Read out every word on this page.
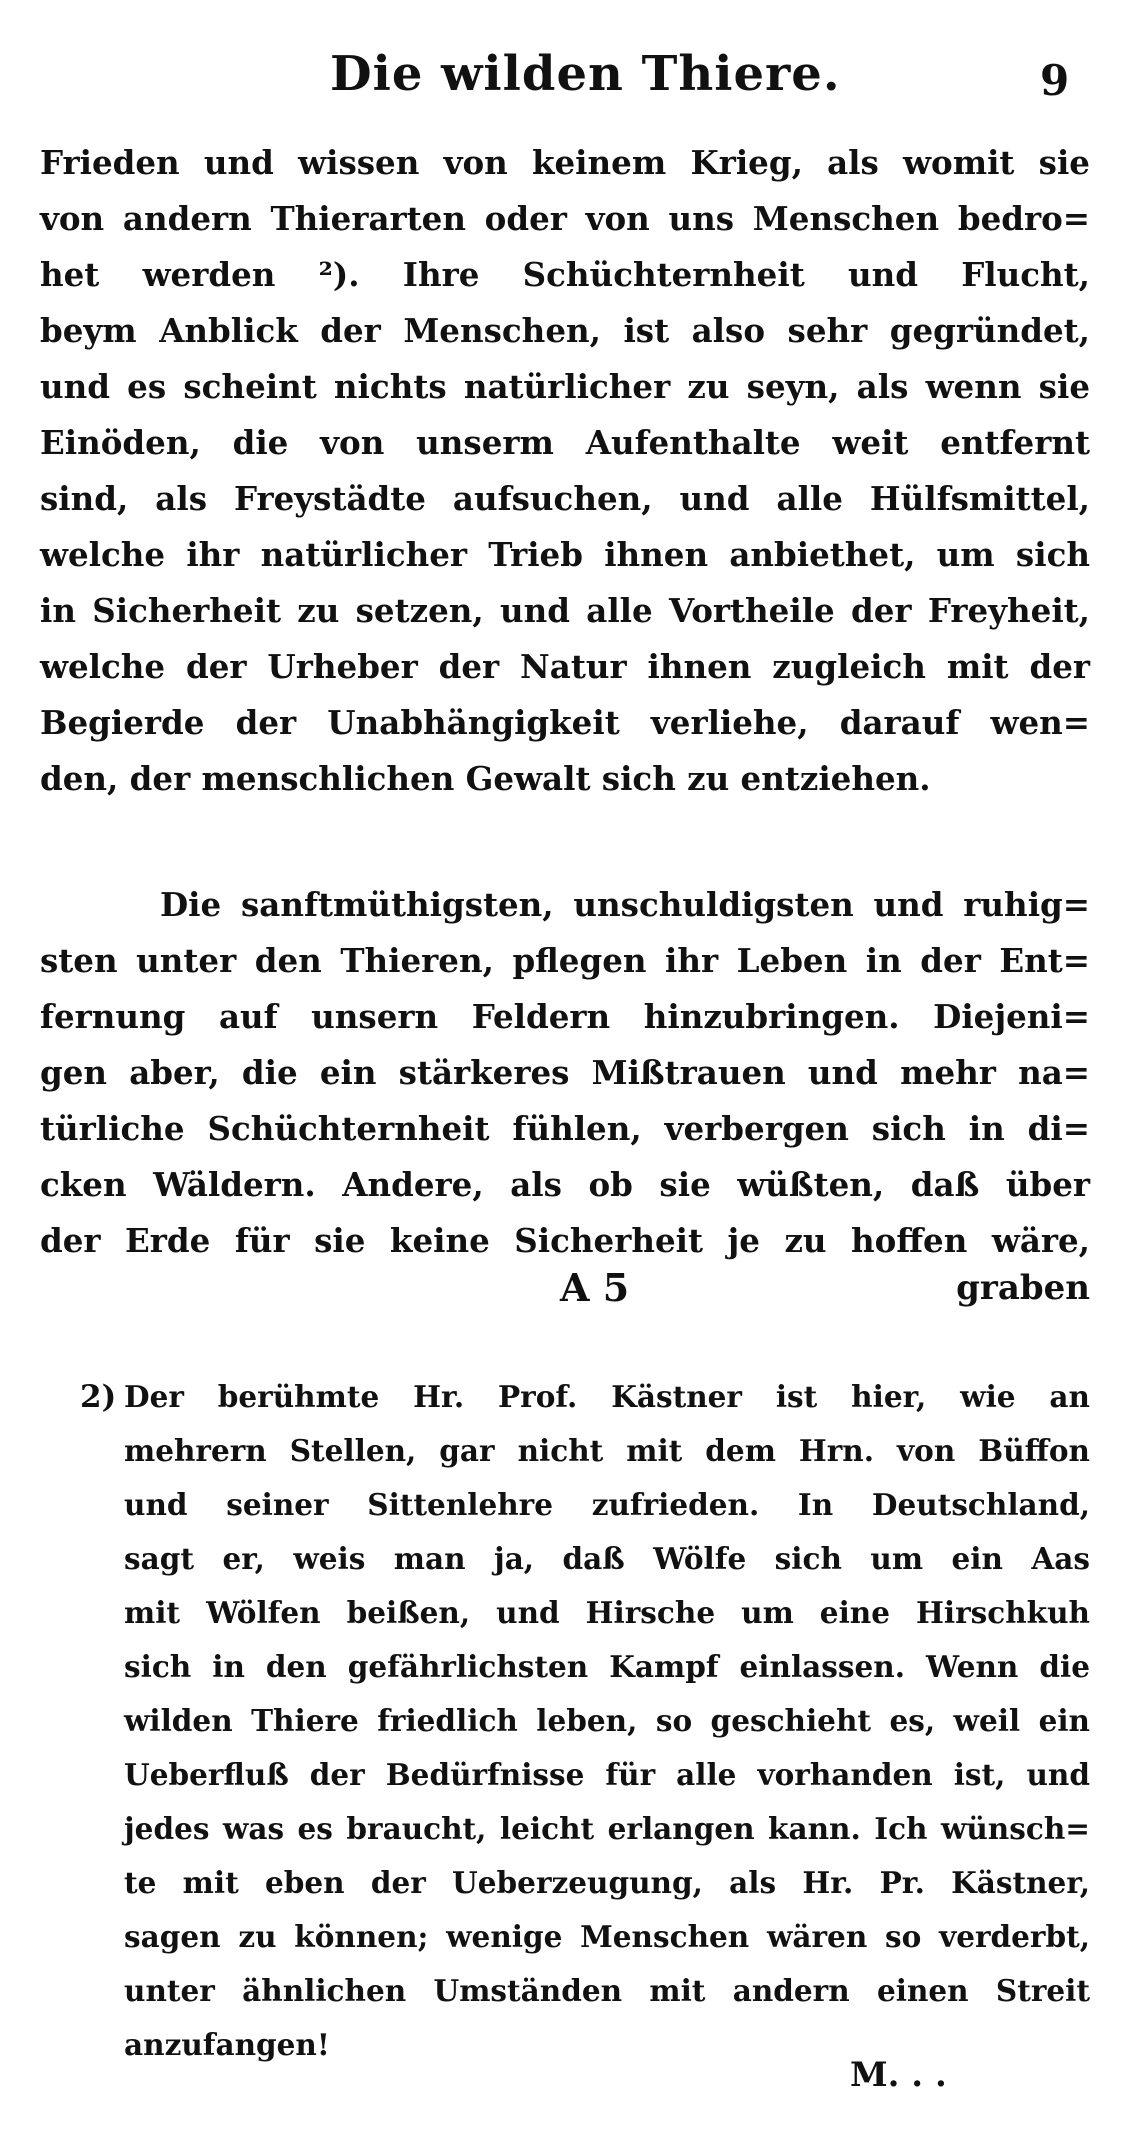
Die wilden Thiere.	9
Frieden und wissen von keinem Krieg, als womit sie
von andern Thierarten oder von uns Menschen bedro=
het werden ²). Ihre Schüchternheit und Flucht,
beym Anblick der Menschen, ist also sehr gegründet,
und es scheint nichts natürlicher zu seyn, als wenn sie
Einöden, die von unserm Aufenthalte weit entfernt
sind, als Freystädte aufsuchen, und alle Hülfsmittel,
welche ihr natürlicher Trieb ihnen anbiethet, um sich
in Sicherheit zu setzen, und alle Vortheile der Freyheit,
welche der Urheber der Natur ihnen zugleich mit der
Begierde der Unabhängigkeit verliehe, darauf wen=
den, der menschlichen Gewalt sich zu entziehen.
Die sanftmüthigsten, unschuldigsten und ruhig=
sten unter den Thieren, pflegen ihr Leben in der Ent=
fernung auf unsern Feldern hinzubringen. Diejeni=
gen aber, die ein stärkeres Mißtrauen und mehr na=
türliche Schüchternheit fühlen, verbergen sich in di=
cken Wäldern. Andere, als ob sie wüßten, daß über
der Erde für sie keine Sicherheit je zu hoffen wäre,
A 5	graben
2) Der berühmte Hr. Prof. Kästner ist hier, wie an
mehrern Stellen, gar nicht mit dem Hrn. von Büffon
und seiner Sittenlehre zufrieden. In Deutschland,
sagt er, weis man ja, daß Wölfe sich um ein Aas
mit Wölfen beißen, und Hirsche um eine Hirschkuh
sich in den gefährlichsten Kampf einlassen. Wenn die
wilden Thiere friedlich leben, so geschieht es, weil ein
Ueberfluß der Bedürfnisse für alle vorhanden ist, und
jedes was es braucht, leicht erlangen kann. Ich wünsch=
te mit eben der Ueberzeugung, als Hr. Pr. Kästner,
sagen zu können; wenige Menschen wären so verderbt,
unter ähnlichen Umständen mit andern einen Streit
anzufangen!
M. . .
